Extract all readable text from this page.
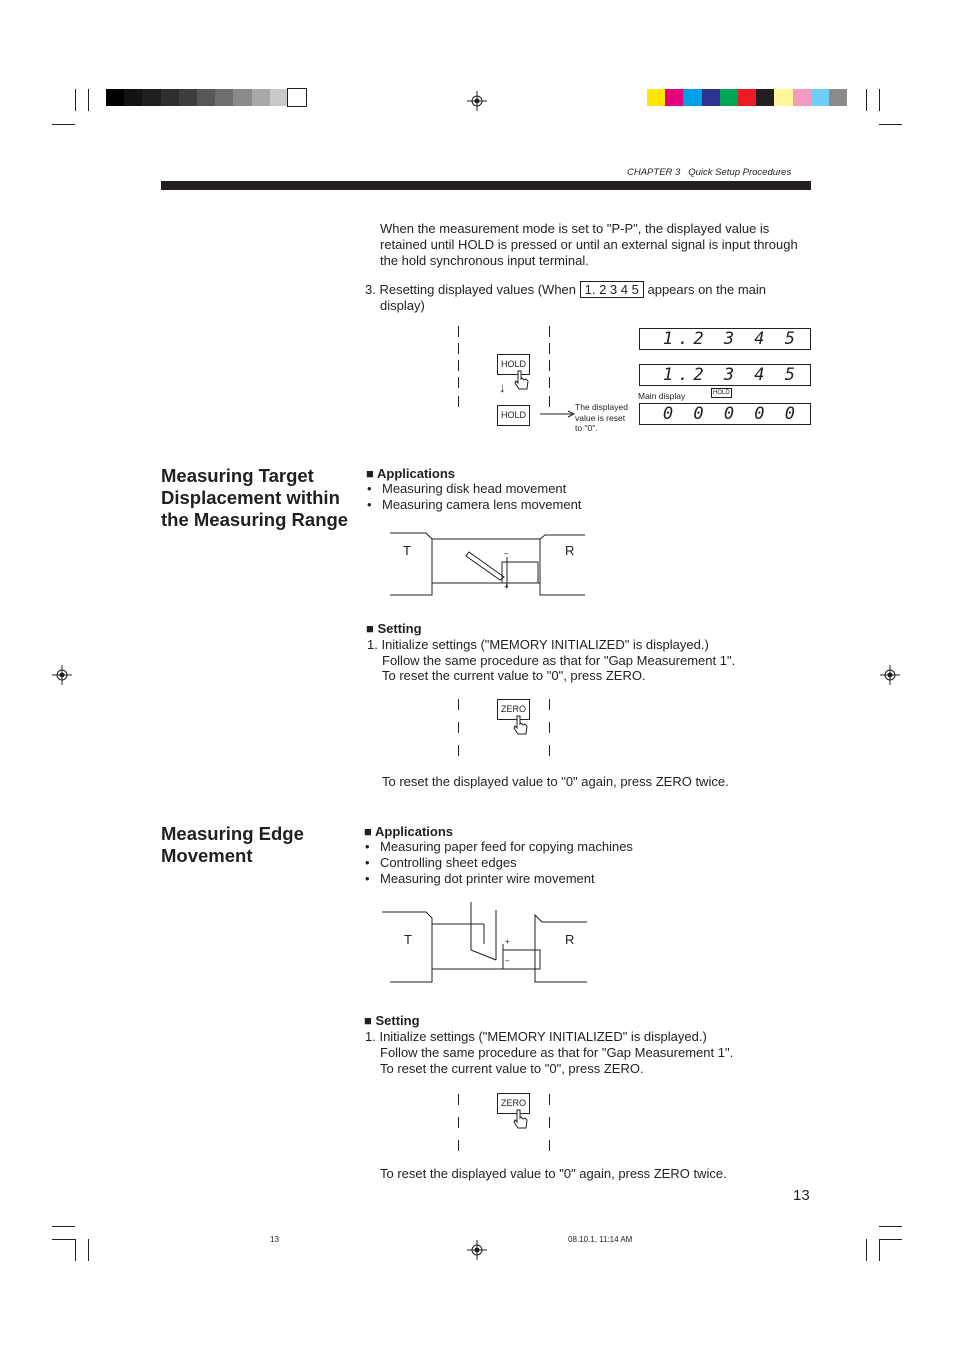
CHAPTER 3 Quick Setup Procedures
When the measurement mode is set to "P-P", the displayed value is
retained until HOLD is pressed or until an external signal is input through
the hold synchronous input terminal.
3. Resetting displayed values (When 1. 2 3 4 5 appears on the main
display)
HOLD
↓
HOLD
The displayed
value is reset
to "0".
1.2 3 4 5
1.2 3 4 5
Main display	HOLD
0 0 0 0 0
Measuring Target
Displacement within
the Measuring Range
■ Applications
• Measuring disk head movement
• Measuring camera lens movement
T	R
–
+
■ Setting
1. Initialize settings ("MEMORY INITIALIZED" is displayed.)
Follow the same procedure as that for "Gap Measurement 1".
To reset the current value to "0", press ZERO.
ZERO
To reset the displayed value to "0" again, press ZERO twice.
Measuring Edge
Movement
■ Applications
• Measuring paper feed for copying machines
• Controlling sheet edges
• Measuring dot printer wire movement
T	R
+
–
■ Setting
1. Initialize settings ("MEMORY INITIALIZED" is displayed.)
Follow the same procedure as that for "Gap Measurement 1".
To reset the current value to "0", press ZERO.
ZERO
To reset the displayed value to "0" again, press ZERO twice.
13
13	08.10.1, 11:14 AM
